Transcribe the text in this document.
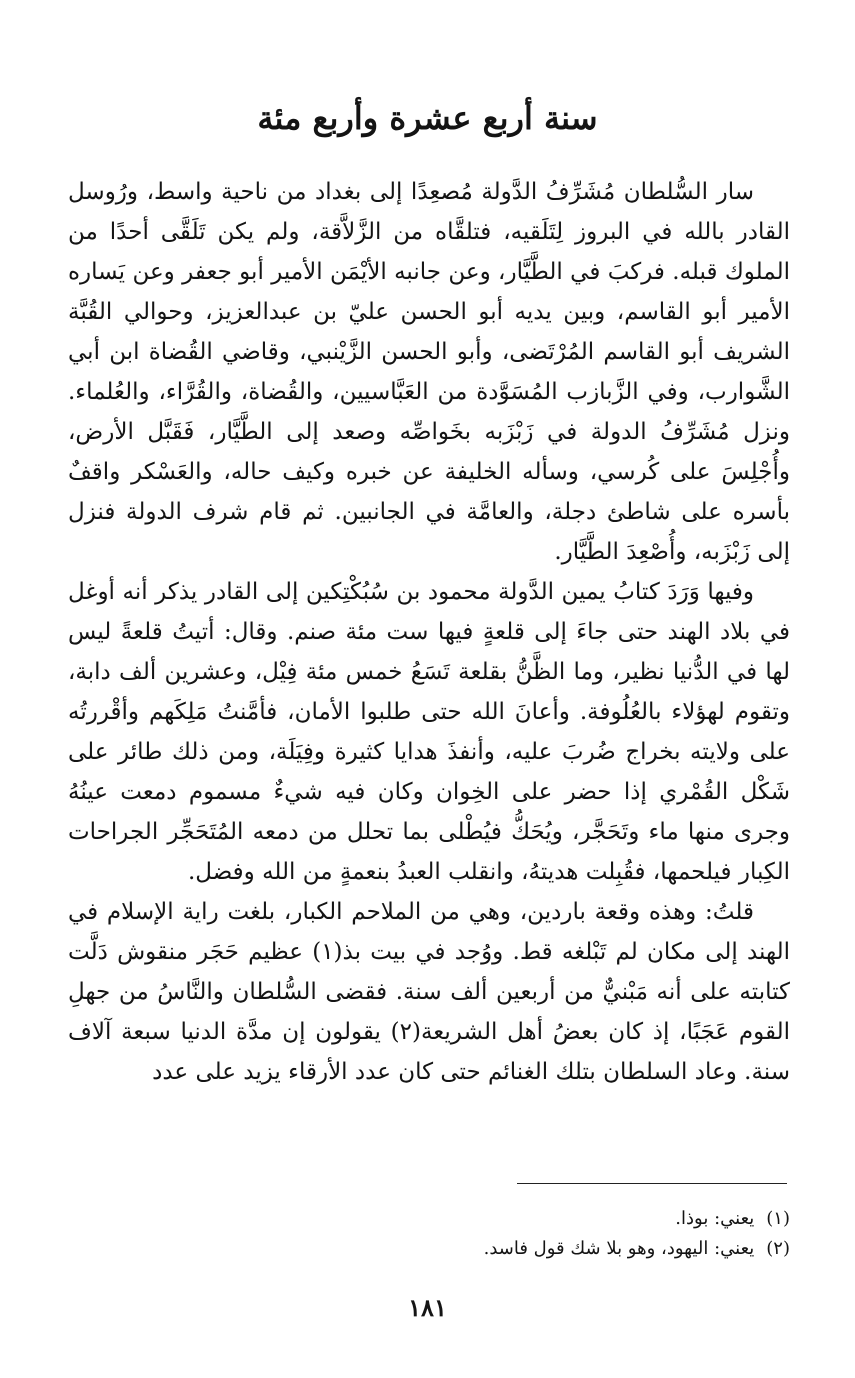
سنة أربع عشرة وأربع مئة

سار السُّلطان مُشَرِّفُ الدَّولة مُصعِدًا إلى بغداد من ناحية واسط، ورُوسل القادر بالله في البروز لِتَلَقيه، فتلقَّاه من الزَّلاَّقة، ولم يكن تَلَقَّى أحدًا من الملوك قبله. فركبَ في الطَّيَّار، وعن جانبه الأيْمَن الأمير أبو جعفر وعن يَساره الأمير أبو القاسم، وبين يديه أبو الحسن عليّ بن عبدالعزيز، وحوالي القُبَّة الشريف أبو القاسم المُرْتَضى، وأبو الحسن الزَّيْنبي، وقاضي القُضاة ابن أبي الشَّوارب، وفي الزَّبازب المُسَوَّدة من العَبَّاسيين، والقُضاة، والقُرَّاء، والعُلماء. ونزل مُشَرِّفُ الدولة في زَبْزَبه بخَواصِّه وصعد إلى الطَّيَّار، فَقَبَّل الأرض، وأُجْلِسَ على كُرسي، وسأله الخليفة عن خبره وكيف حاله، والعَسْكر واقفٌ بأسره على شاطئ دجلة، والعامَّة في الجانبين. ثم قام شرف الدولة فنزل إلى زَبْزَبه، وأُصْعِدَ الطَّيَّار.

وفيها وَرَدَ كتابُ يمين الدَّولة محمود بن سُبُكْتِكين إلى القادر يذكر أنه أوغل في بلاد الهند حتى جاءَ إلى قلعةٍ فيها ست مئة صنم. وقال: أتيتُ قلعةً ليس لها في الدُّنيا نظير، وما الظَّنُّ بقلعة تَسَعُ خمس مئة فِيْل، وعشرين ألف دابة، وتقوم لهؤلاء بالعُلُوفة. وأعانَ الله حتى طلبوا الأمان، فأمَّنتُ مَلِكَهم وأقْررتُه على ولايته بخراج ضُربَ عليه، وأنفذَ هدايا كثيرة وفِيَلَة، ومن ذلك طائر على شَكْل القُمْري إذا حضر على الخِوان وكان فيه شيءٌ مسموم دمعت عينُهُ وجرى منها ماء وتَحَجَّر، ويُحَكُّ فيُطْلى بما تحلل من دمعه المُتَحَجِّر الجراحات الكِبار فيلحمها، فقُبِلت هديتهُ، وانقلب العبدُ بنعمةٍ من الله وفضل.

قلتُ: وهذه وقعة باردين، وهي من الملاحم الكبار، بلغت راية الإسلام في الهند إلى مكان لم تَبْلغه قط. ووُجد في بيت بذ(١) عظيم حَجَر منقوش دَلَّت كتابته على أنه مَبْنيٌّ من أربعين ألف سنة. فقضى السُّلطان والنَّاسُ من جهلِ القوم عَجَبًا، إذ كان بعضُ أهل الشريعة(٢) يقولون إن مدَّة الدنيا سبعة آلاف سنة. وعاد السلطان بتلك الغنائم حتى كان عدد الأرقاء يزيد على عدد

(١)
يعني: بوذا.
(٢)
يعني: اليهود، وهو بلا شك قول فاسد.
١٨١
